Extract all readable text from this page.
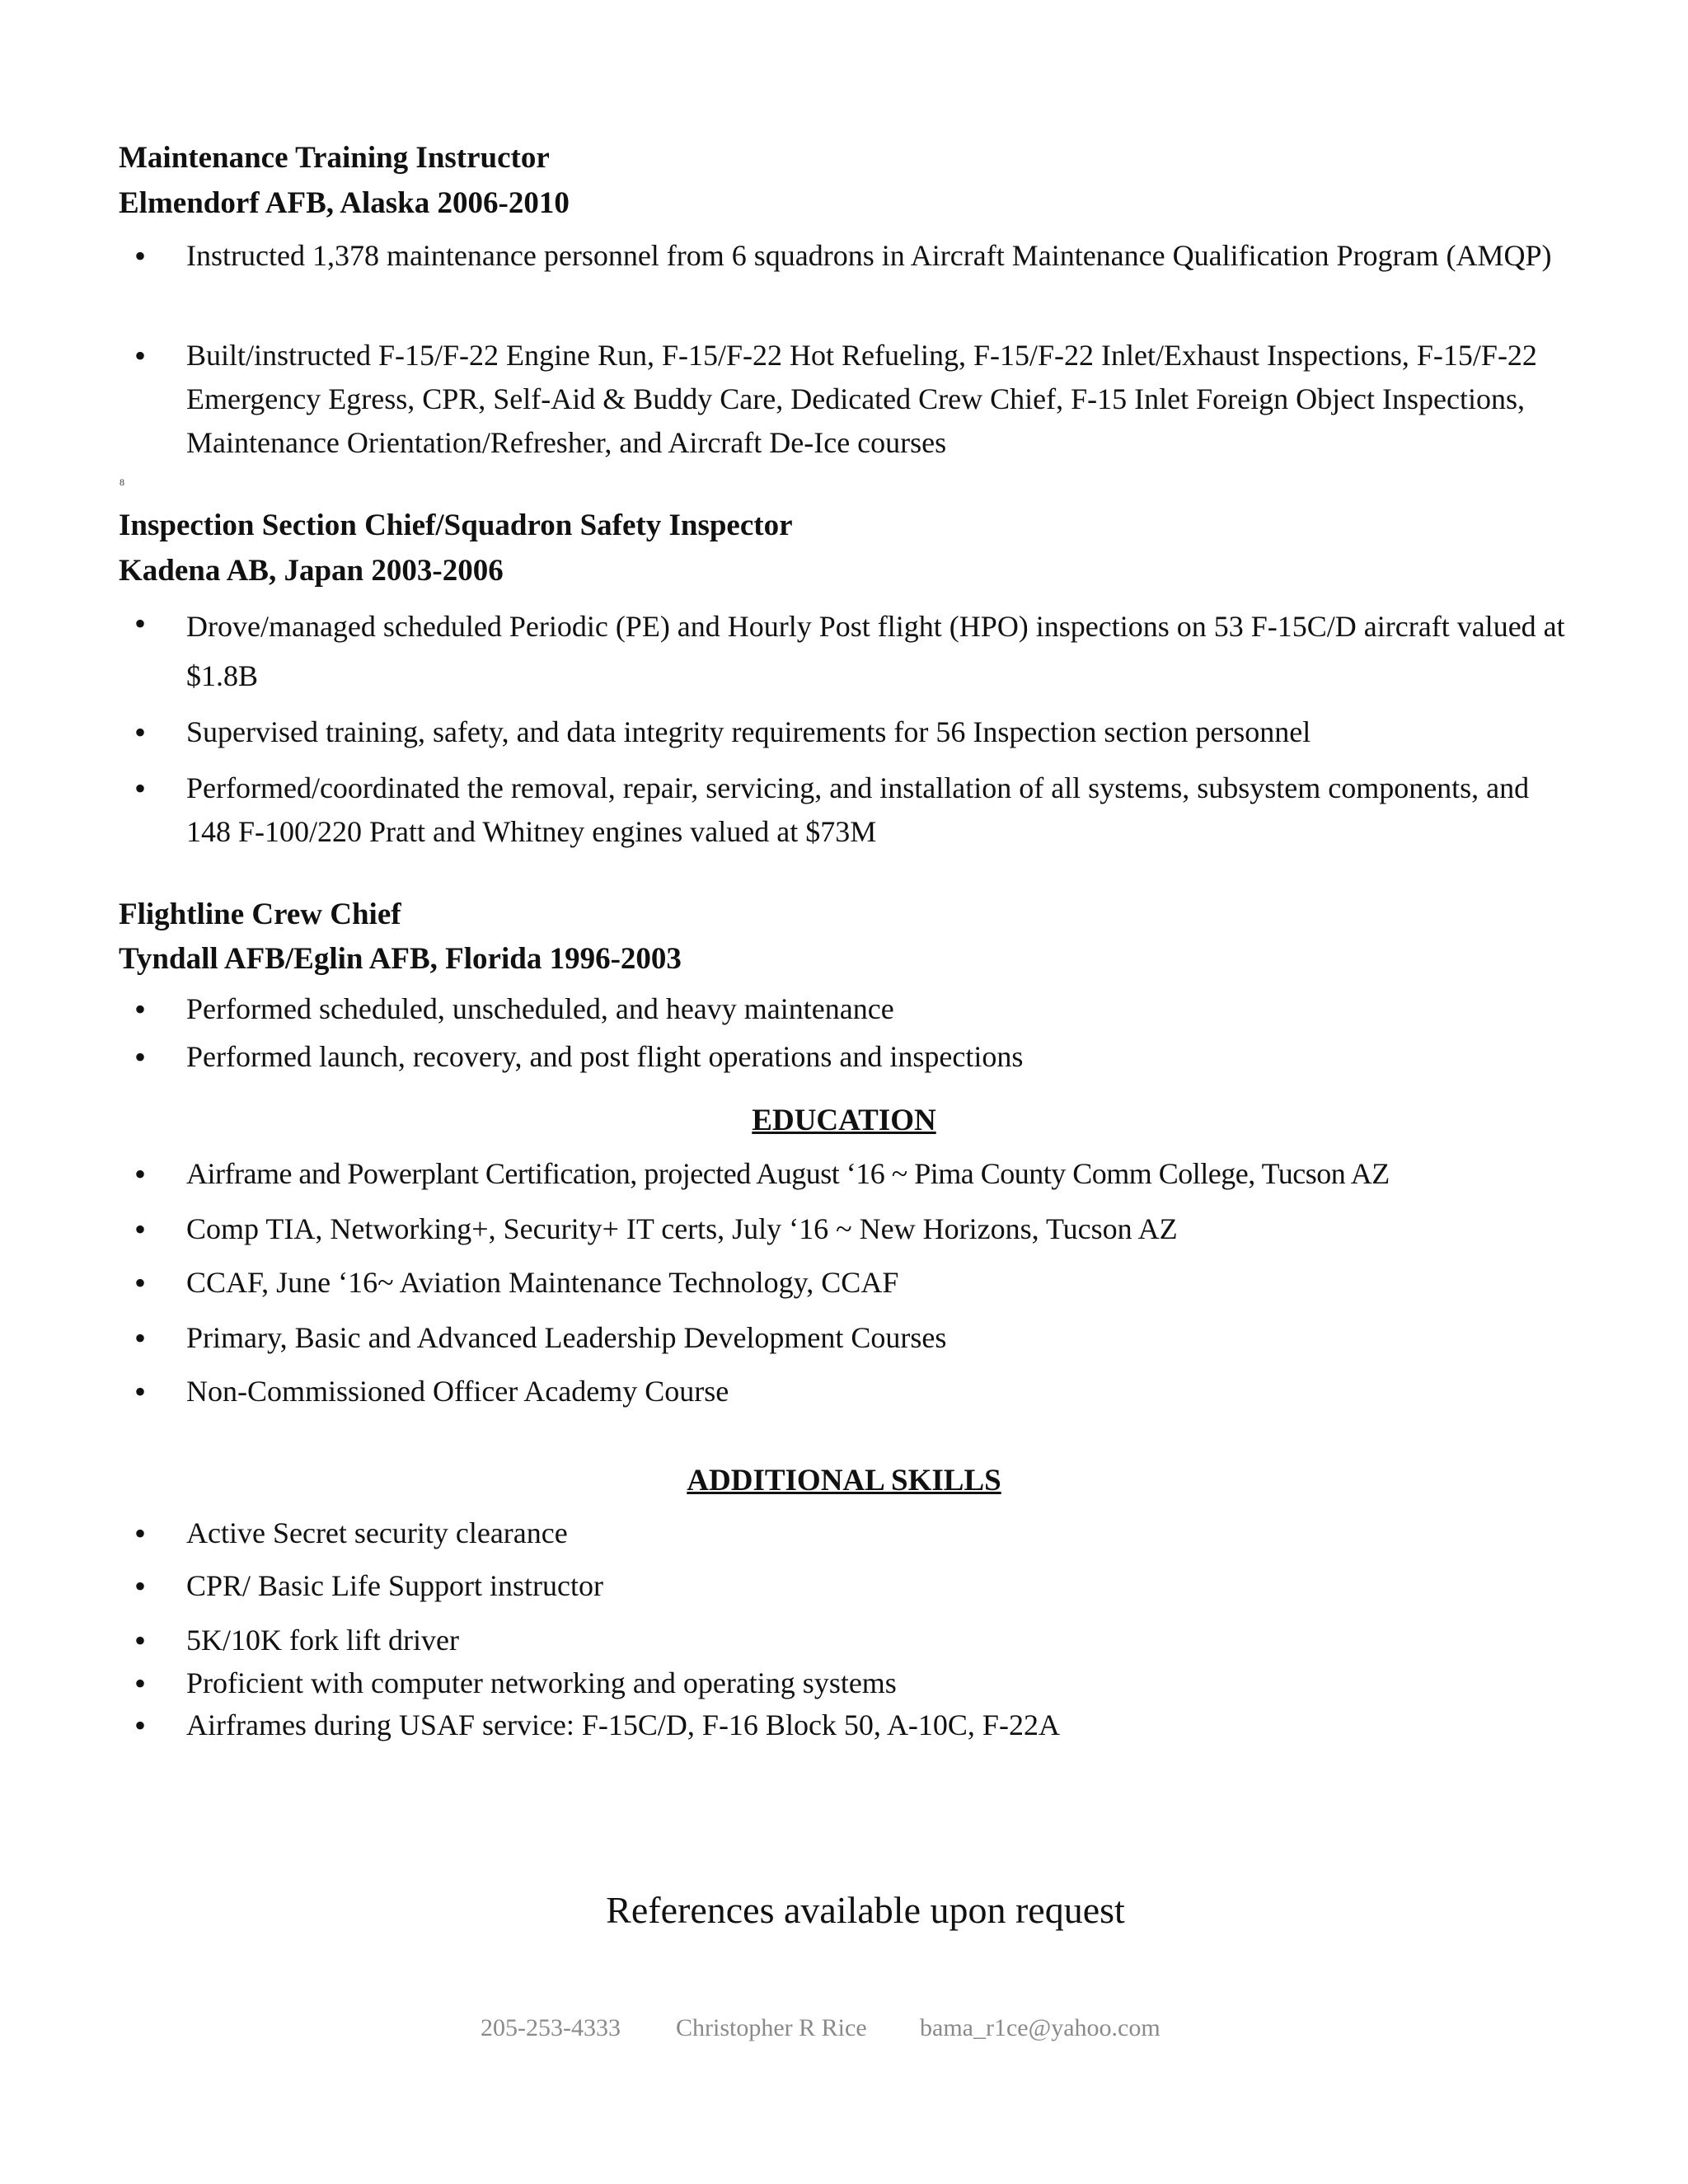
Maintenance Training Instructor
Elmendorf AFB, Alaska 2006-2010
•	Instructed 1,378 maintenance personnel from 6 squadrons in Aircraft Maintenance Qualification Program (AMQP)
•	Built/instructed F-15/F-22 Engine Run, F-15/F-22 Hot Refueling, F-15/F-22 Inlet/Exhaust Inspections, F-15/F-22 Emergency Egress, CPR, Self-Aid & Buddy Care, Dedicated Crew Chief, F-15 Inlet Foreign Object Inspections, Maintenance Orientation/Refresher, and Aircraft De-Ice courses
8
Inspection Section Chief/Squadron Safety Inspector
Kadena AB, Japan 2003-2006
•	Drove/managed scheduled Periodic (PE) and Hourly Post flight (HPO) inspections on 53 F-15C/D aircraft valued at $1.8B
•	Supervised training, safety, and data integrity requirements for 56 Inspection section personnel
•	Performed/coordinated the removal, repair, servicing, and installation of all systems, subsystem components, and 148 F-100/220 Pratt and Whitney engines valued at $73M
Flightline Crew Chief
Tyndall AFB/Eglin AFB, Florida 1996-2003
•	Performed scheduled, unscheduled, and heavy maintenance
•	Performed launch, recovery, and post flight operations and inspections
EDUCATION
•	Airframe and Powerplant Certification, projected August ‘16 ~ Pima County Comm College, Tucson AZ
•	Comp TIA, Networking+, Security+ IT certs, July ‘16 ~ New Horizons, Tucson AZ
•	CCAF, June ‘16~ Aviation Maintenance Technology, CCAF
•	Primary, Basic and Advanced Leadership Development Courses
•	Non-Commissioned Officer Academy Course
ADDITIONAL SKILLS
•	Active Secret security clearance
•	CPR/ Basic Life Support instructor
•	5K/10K fork lift driver
•	Proficient with computer networking and operating systems
•	Airframes during USAF service: F-15C/D, F-16 Block 50, A-10C, F-22A

References available upon request

205-253-4333 Christopher R Rice bama_r1ce@yahoo.com
